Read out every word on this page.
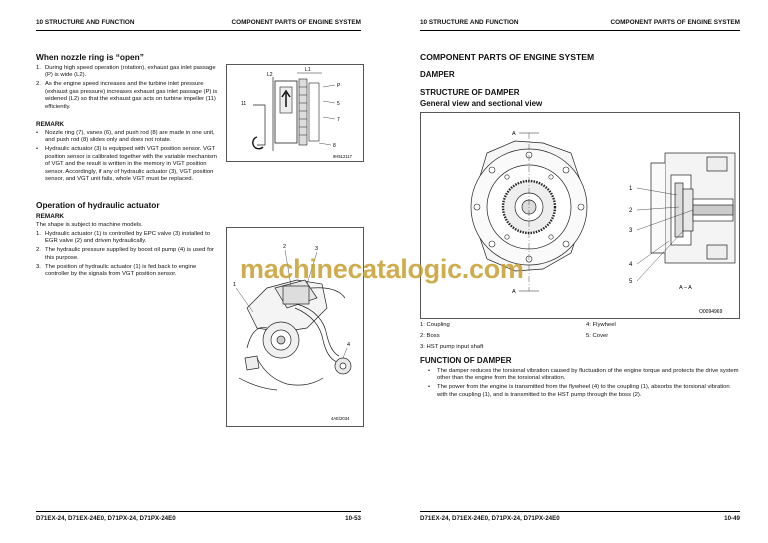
10 STRUCTURE AND FUNCTION	COMPONENT PARTS OF ENGINE SYSTEM
When nozzle ring is “open”
1. During high speed operation (rotation), exhaust gas inlet passage (P) is wide (L2).
2. As the engine speed increases and the turbine inlet pressure (exhaust gas pressure) increases exhaust gas inlet passage (P) is widened (L2) so that the exhaust gas acts on turbine impeller (11) efficiently.
REMARK
• Nozzle ring (7), vanes (6), and push rod (8) are made in one unit, and push rod (8) slides only and does not rotate.
• Hydraulic actuator (3) is equipped with VGT position sensor. VGT position sensor is calibrated together with the variable mechanism of VGT and the result is written in the memory in VGT position sensor. Accordingly, if any of hydraulic actuator (3), VGT position sensor, and VGT unit fails, whole VGT must be replaced.
Operation of hydraulic actuator
REMARK
The shape is subject to machine models.
1. Hydraulic actuator (1) is controlled by EPC valve (3) installed to EGR valve (2) and driven hydraulically.
2. The hydraulic pressure supplied by boost oil pump (4) is used for this purpose.
3. The position of hydraulic actuator (1) is fed back to engine controller by the signals from VGT position sensor.
L2
L1
P
5
7
8
11
9H512117
1
2	3
4
4AE/2034
D71EX-24, D71EX-24E0, D71PX-24, D71PX-24E0	10-53
10 STRUCTURE AND FUNCTION	COMPONENT PARTS OF ENGINE SYSTEM
COMPONENT PARTS OF ENGINE SYSTEM
DAMPER
STRUCTURE OF DAMPER
General view and sectional view
A
A
1
2
3
4
5
A – A
O0094969
1: Coupling	4: Flywheel
2: Boss	5: Cover
3: HST pump input shaft
FUNCTION OF DAMPER
• The damper reduces the torsional vibration caused by fluctuation of the engine torque and protects the drive system other than the engine from the torsional vibration.
• The power from the engine is transmitted from the flywheel (4) to the coupling (1), absorbs the torsional vibration with the coupling (1), and is transmitted to the HST pump through the boss (2).
D71EX-24, D71EX-24E0, D71PX-24, D71PX-24E0	10-49
machinecatalogic.com
